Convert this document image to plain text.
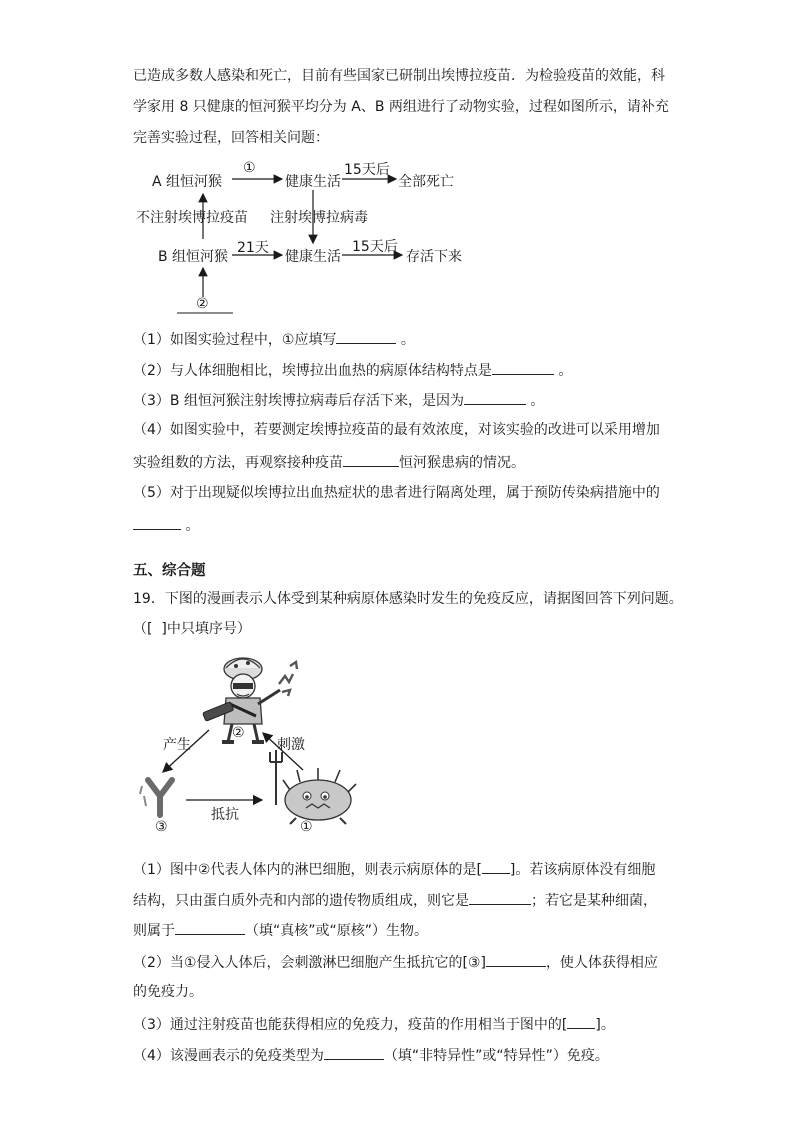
已造成多数人感染和死亡，目前有些国家已研制出埃博拉疫苗．为检验疫苗的效能，科
学家用 8 只健康的恒河猴平均分为 A、B 两组进行了动物实验，过程如图所示，请补充
完善实验过程，回答相关问题：
A 组恒河猴
①
健康生活
15天后
全部死亡
不注射埃博拉疫苗 注射埃博拉病毒
B 组恒河猴
21天
健康生活
15天后
存活下来
②
（1）如图实验过程中，①应填写	。
（2）与人体细胞相比，埃博拉出血热的病原体结构特点是	。
（3）B 组恒河猴注射埃博拉病毒后存活下来，是因为	。
（4）如图实验中，若要测定埃博拉疫苗的最有效浓度，对该实验的改进可以采用增加
实验组数的方法，再观察接种疫苗	恒河猴患病的情况。
（5）对于出现疑似埃博拉出血热症状的患者进行隔离处理，属于预防传染病措施中的
。
五、综合题
19．下图的漫画表示人体受到某种病原体感染时发生的免疫反应，请据图回答下列问题。
（[ ]中只填序号）
产生	刺激
抵抗
②
③	①
（1）图中②代表人体内的淋巴细胞，则表示病原体的是[ ]。若该病原体没有细胞
结构，只由蛋白质外壳和内部的遗传物质组成，则它是	；若它是某种细菌，
则属于	（填“真核”或“原核”）生物。
（2）当①侵入人体后，会刺激淋巴细胞产生抵抗它的[③]	，使人体获得相应
的免疫力。
（3）通过注射疫苗也能获得相应的免疫力，疫苗的作用相当于图中的[ ]。
（4）该漫画表示的免疫类型为	（填“非特异性”或“特异性”）免疫。
